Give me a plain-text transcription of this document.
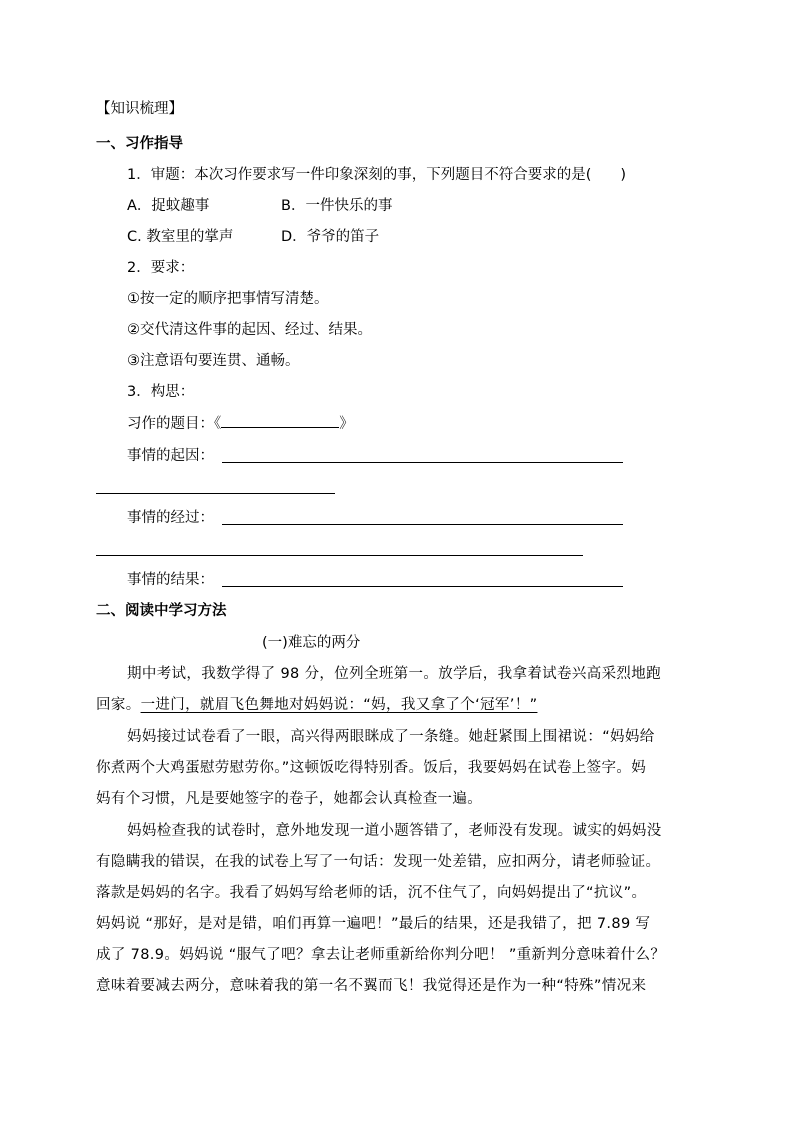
【知识梳理】
一、习作指导
1．审题：本次习作要求写一件印象深刻的事，下列题目不符合要求的是(　　)
A．捉蚊趣事	B．一件快乐的事
C. 教室里的掌声	D．爷爷的笛子
2．要求：
①按一定的顺序把事情写清楚。
②交代清这件事的起因、经过、结果。
③注意语句要连贯、通畅。
3．构思：
习作的题目：《	》
事情的起因：
事情的经过：
事情的结果：
二、阅读中学习方法
(一)难忘的两分
期中考试，我数学得了 98 分，位列全班第一。放学后，我拿着试卷兴高采烈地跑
回家。一进门，就眉飞色舞地对妈妈说：“妈，我又拿了个‘冠军’！”
妈妈接过试卷看了一眼，高兴得两眼眯成了一条缝。她赶紧围上围裙说：“妈妈给
你煮两个大鸡蛋慰劳慰劳你。”这顿饭吃得特别香。饭后，我要妈妈在试卷上签字。妈
妈有个习惯，凡是要她签字的卷子，她都会认真检查一遍。
妈妈检查我的试卷时，意外地发现一道小题答错了，老师没有发现。诚实的妈妈没
有隐瞒我的错误，在我的试卷上写了一句话：发现一处差错，应扣两分，请老师验证。
落款是妈妈的名字。我看了妈妈写给老师的话，沉不住气了，向妈妈提出了“抗议”。
妈妈说 “那好，是对是错，咱们再算一遍吧！”最后的结果，还是我错了，把 7.89 写
成了 78.9。妈妈说 “服气了吧？拿去让老师重新给你判分吧！ ”重新判分意味着什么？
意味着要减去两分，意味着我的第一名不翼而飞！我觉得还是作为一种“特殊”情况来
